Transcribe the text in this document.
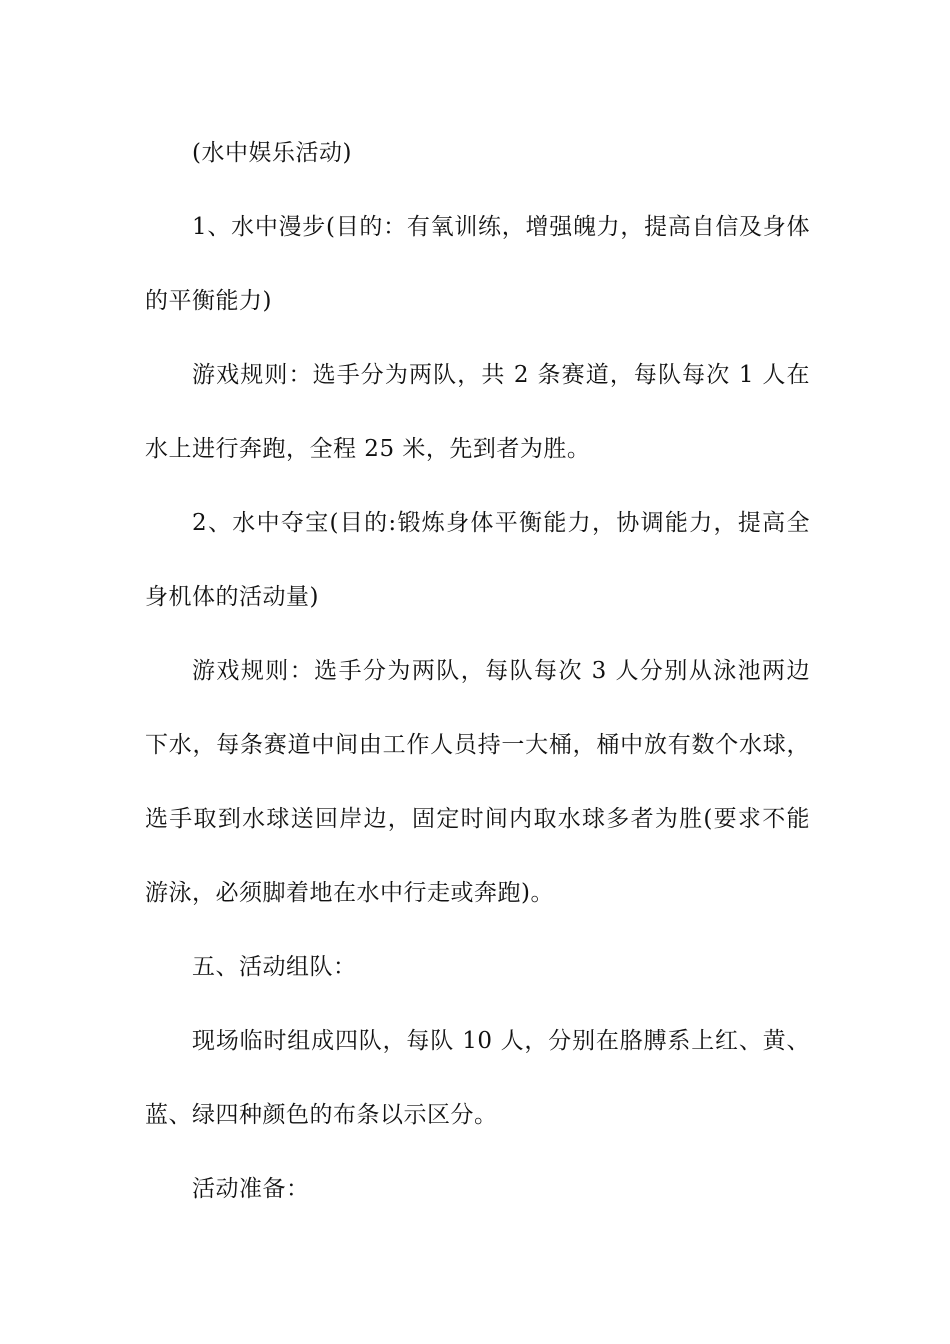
(水中娱乐活动)

1、水中漫步(目的：有氧训练，增强魄力，提高自信及身体的平衡能力)

游戏规则：选手分为两队，共 2 条赛道，每队每次 1 人在水上进行奔跑，全程 25 米，先到者为胜。

2、水中夺宝(目的:锻炼身体平衡能力，协调能力，提高全身机体的活动量)

游戏规则：选手分为两队，每队每次 3 人分别从泳池两边下水，每条赛道中间由工作人员持一大桶，桶中放有数个水球，选手取到水球送回岸边，固定时间内取水球多者为胜(要求不能游泳，必须脚着地在水中行走或奔跑)。

五、活动组队：

现场临时组成四队，每队 10 人，分别在胳膊系上红、黄、蓝、绿四种颜色的布条以示区分。

活动准备：
